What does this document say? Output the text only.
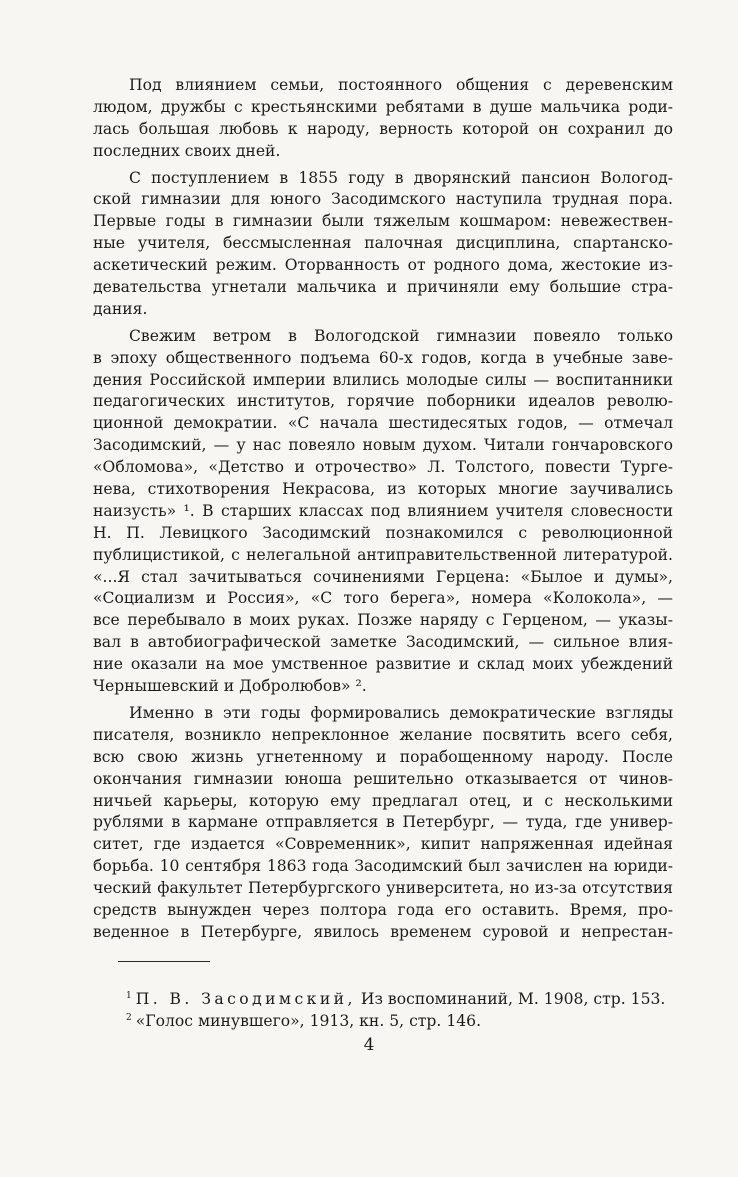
Под влиянием семьи, постоянного общения с деревенским
людом, дружбы с крестьянскими ребятами в душе мальчика роди-
лась большая любовь к народу, верность которой он сохранил до
последних своих дней.
С поступлением в 1855 году в дворянский пансион Вологод-
ской гимназии для юного Засодимского наступила трудная пора.
Первые годы в гимназии были тяжелым кошмаром: невежествен-
ные учителя, бессмысленная палочная дисциплина, спартанско-
аскетический режим. Оторванность от родного дома, жестокие из-
девательства угнетали мальчика и причиняли ему большие стра-
дания.
Свежим ветром в Вологодской гимназии повеяло только
в эпоху общественного подъема 60-х годов, когда в учебные заве-
дения Российской империи влились молодые силы — воспитанники
педагогических институтов, горячие поборники идеалов револю-
ционной демократии. «С начала шестидесятых годов, — отмечал
Засодимский, — у нас повеяло новым духом. Читали гончаровского
«Обломова», «Детство и отрочество» Л. Толстого, повести Турге-
нева, стихотворения Некрасова, из которых многие заучивались
наизусть» ¹. В старших классах под влиянием учителя словесности
Н. П. Левицкого Засодимский познакомился с революционной
публицистикой, с нелегальной антиправительственной литературой.
«...Я стал зачитываться сочинениями Герцена: «Былое и думы»,
«Социализм и Россия», «С того берега», номера «Колокола», —
все перебывало в моих руках. Позже наряду с Герценом, — указы-
вал в автобиографической заметке Засодимский, — сильное влия-
ние оказали на мое умственное развитие и склад моих убеждений
Чернышевский и Добролюбов» ².
Именно в эти годы формировались демократические взгляды
писателя, возникло непреклонное желание посвятить всего себя,
всю свою жизнь угнетенному и порабощенному народу. После
окончания гимназии юноша решительно отказывается от чинов-
ничьей карьеры, которую ему предлагал отец, и с несколькими
рублями в кармане отправляется в Петербург, — туда, где универ-
ситет, где издается «Современник», кипит напряженная идейная
борьба. 10 сентября 1863 года Засодимский был зачислен на юриди-
ческий факультет Петербургского университета, но из-за отсутствия
средств вынужден через полтора года его оставить. Время, про-
веденное в Петербурге, явилось временем суровой и непрестан-
$^1$ П. В. Засодимский, Из воспоминаний, М. 1908, стр. 153.
$^2$ «Голос минувшего», 1913, кн. 5, стр. 146.
4
